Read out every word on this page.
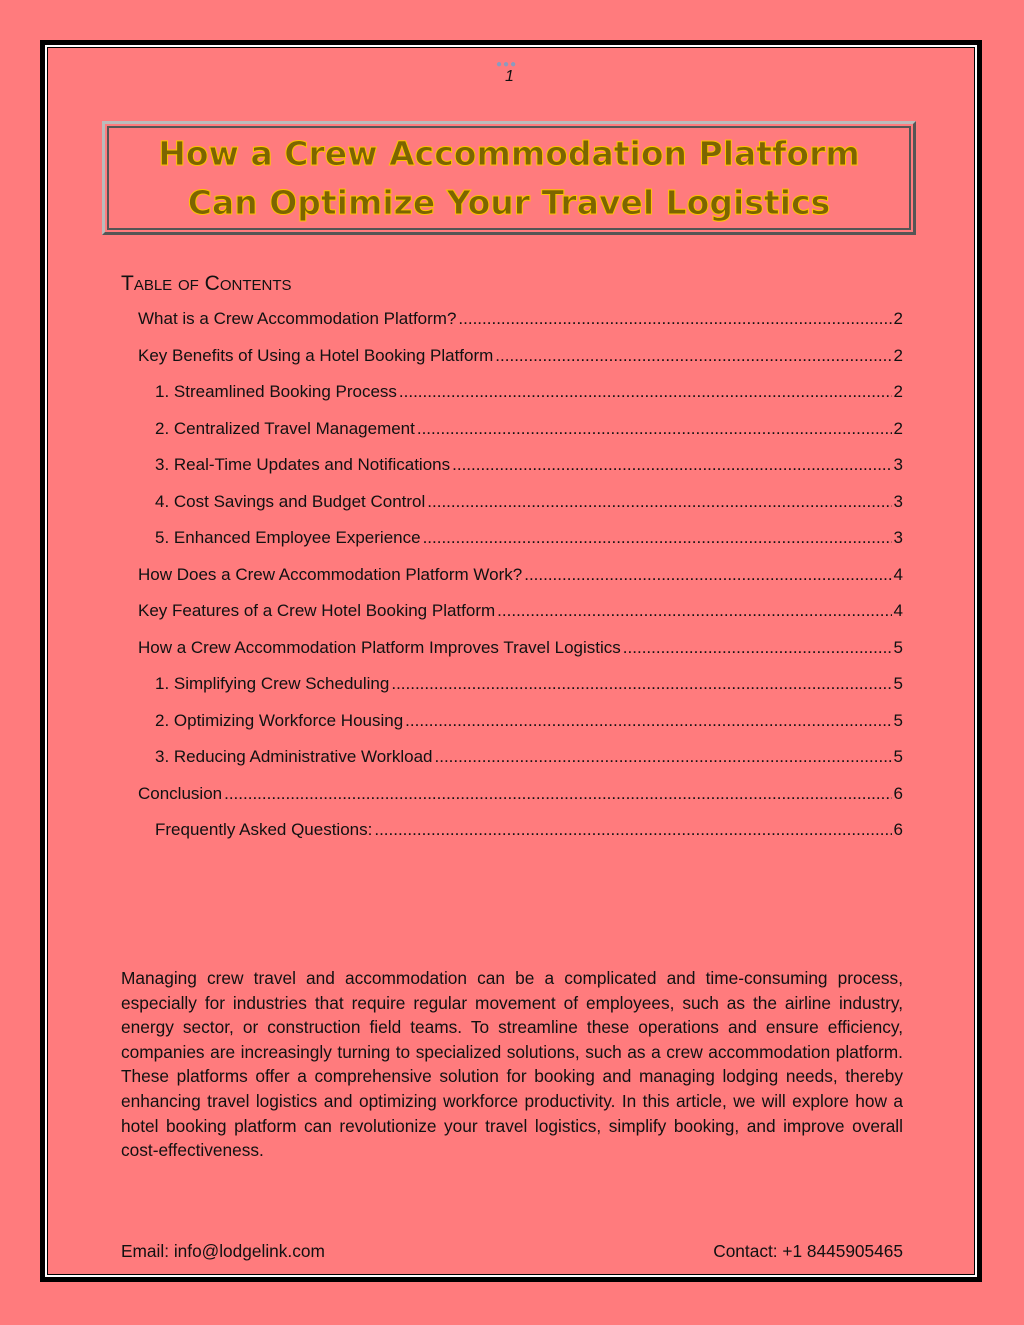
●●●
1
How a Crew Accommodation Platform
Can Optimize Your Travel Logistics
Table of Contents
What is a Crew Accommodation Platform? .....	2
Key Benefits of Using a Hotel Booking Platform .....	2
1. Streamlined Booking Process .....	2
2. Centralized Travel Management .....	2
3. Real-Time Updates and Notifications .....	3
4. Cost Savings and Budget Control .....	3
5. Enhanced Employee Experience .....	3
How Does a Crew Accommodation Platform Work? .....	4
Key Features of a Crew Hotel Booking Platform .....	4
How a Crew Accommodation Platform Improves Travel Logistics .....	5
1. Simplifying Crew Scheduling .....	5
2. Optimizing Workforce Housing .....	5
3. Reducing Administrative Workload .....	5
Conclusion .....	6
Frequently Asked Questions: .....	6
Managing crew travel and accommodation can be a complicated and time-consuming process, especially for industries that require regular movement of employees, such as the airline industry, energy sector, or construction field teams. To streamline these operations and ensure efficiency, companies are increasingly turning to specialized solutions, such as a crew accommodation platform. These platforms offer a comprehensive solution for booking and managing lodging needs, thereby enhancing travel logistics and optimizing workforce productivity. In this article, we will explore how a hotel booking platform can revolutionize your travel logistics, simplify booking, and improve overall cost-effectiveness.
Email: info@lodgelink.com	Contact: +1 8445905465
